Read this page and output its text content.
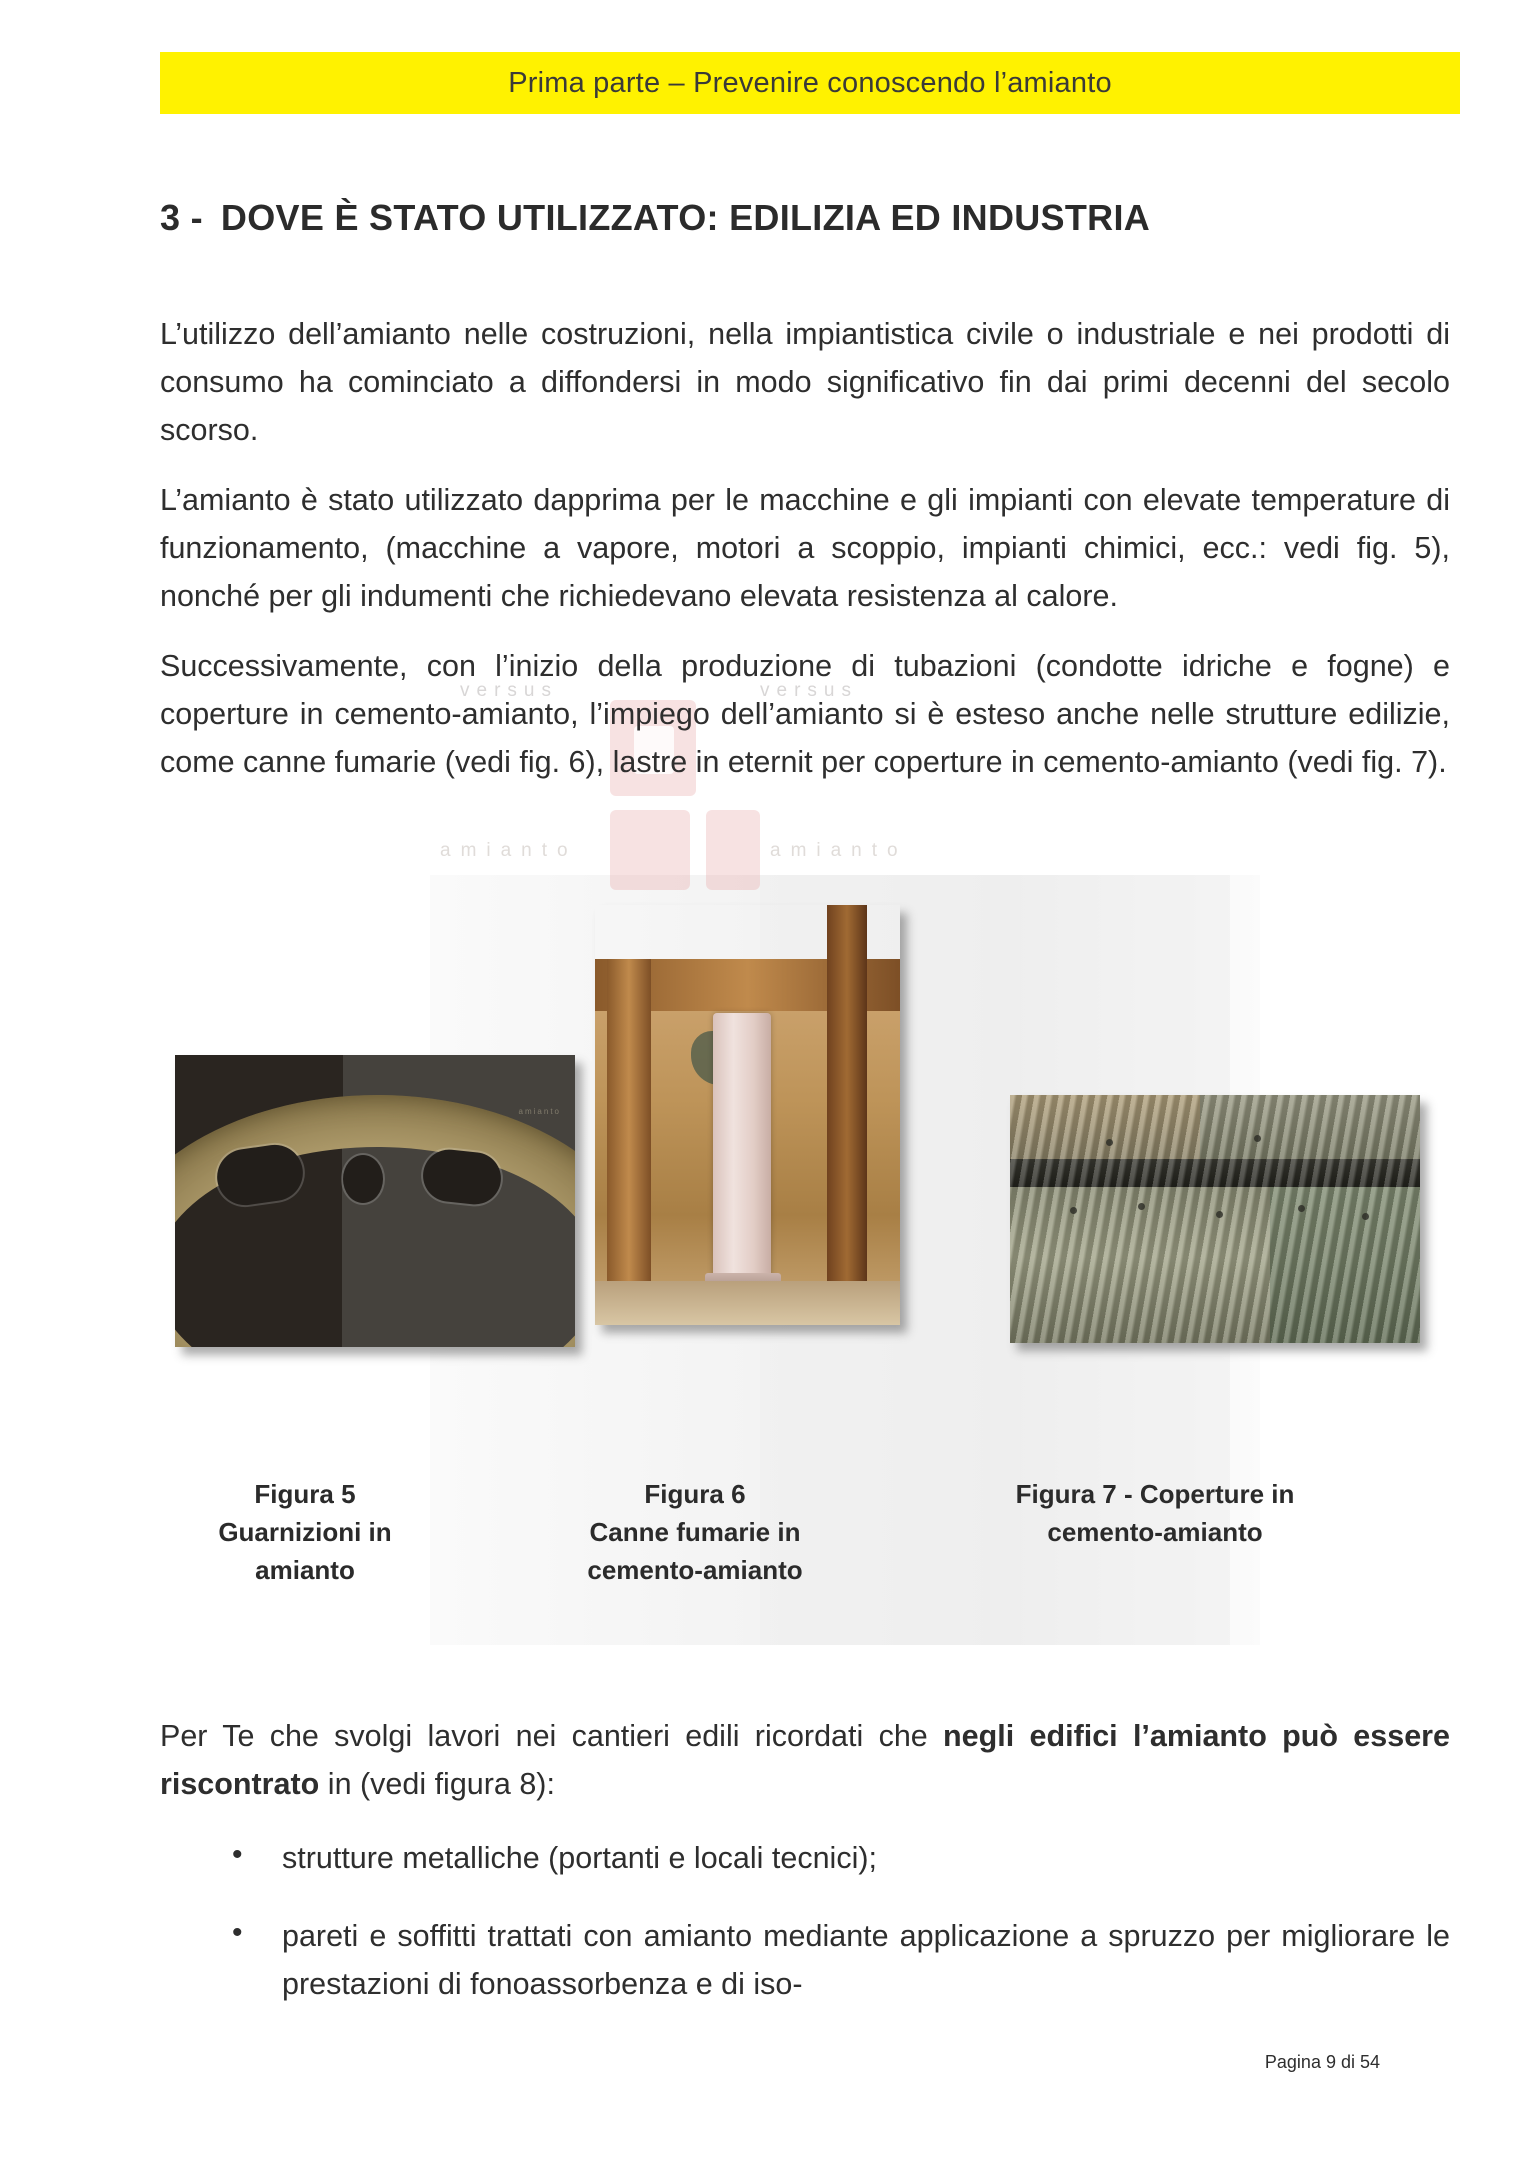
Prima parte – Prevenire conoscendo l’amianto
3 - DOVE È STATO UTILIZZATO: EDILIZIA ED INDUSTRIA
versus	versus
amianto	amianto

L’utilizzo dell’amianto nelle costruzioni, nella impiantistica civile o industriale e nei prodotti di consumo ha cominciato a diffondersi in modo significativo fin dai primi decenni del secolo scorso.

L’amianto è stato utilizzato dapprima per le macchine e gli impianti con elevate temperature di funzionamento, (macchine a vapore, motori a scoppio, impianti chimici, ecc.: vedi fig. 5), nonché per gli indumenti che richiedevano elevata resistenza al calore.

Successivamente, con l’inizio della produzione di tubazioni (condotte idriche e fogne) e coperture in cemento-amianto, l’impiego dell’amianto si è esteso anche nelle strutture edilizie, come canne fumarie (vedi fig. 6), lastre in eternit per coperture in cemento-amianto (vedi fig. 7).

amianto
Figura 5
Guarnizioni in
amianto
Figura 6
Canne fumarie in
cemento-amianto
Figura 7 - Coperture in
cemento-amianto

Per Te che svolgi lavori nei cantieri edili ricordati che negli edifici l’amianto può essere riscontrato in (vedi figura 8):

• strutture metalliche (portanti e locali tecnici);
• pareti e soffitti trattati con amianto mediante applicazione a spruzzo per migliorare le prestazioni di fonoassorbenza e di iso-
Pagina 9 di 54
